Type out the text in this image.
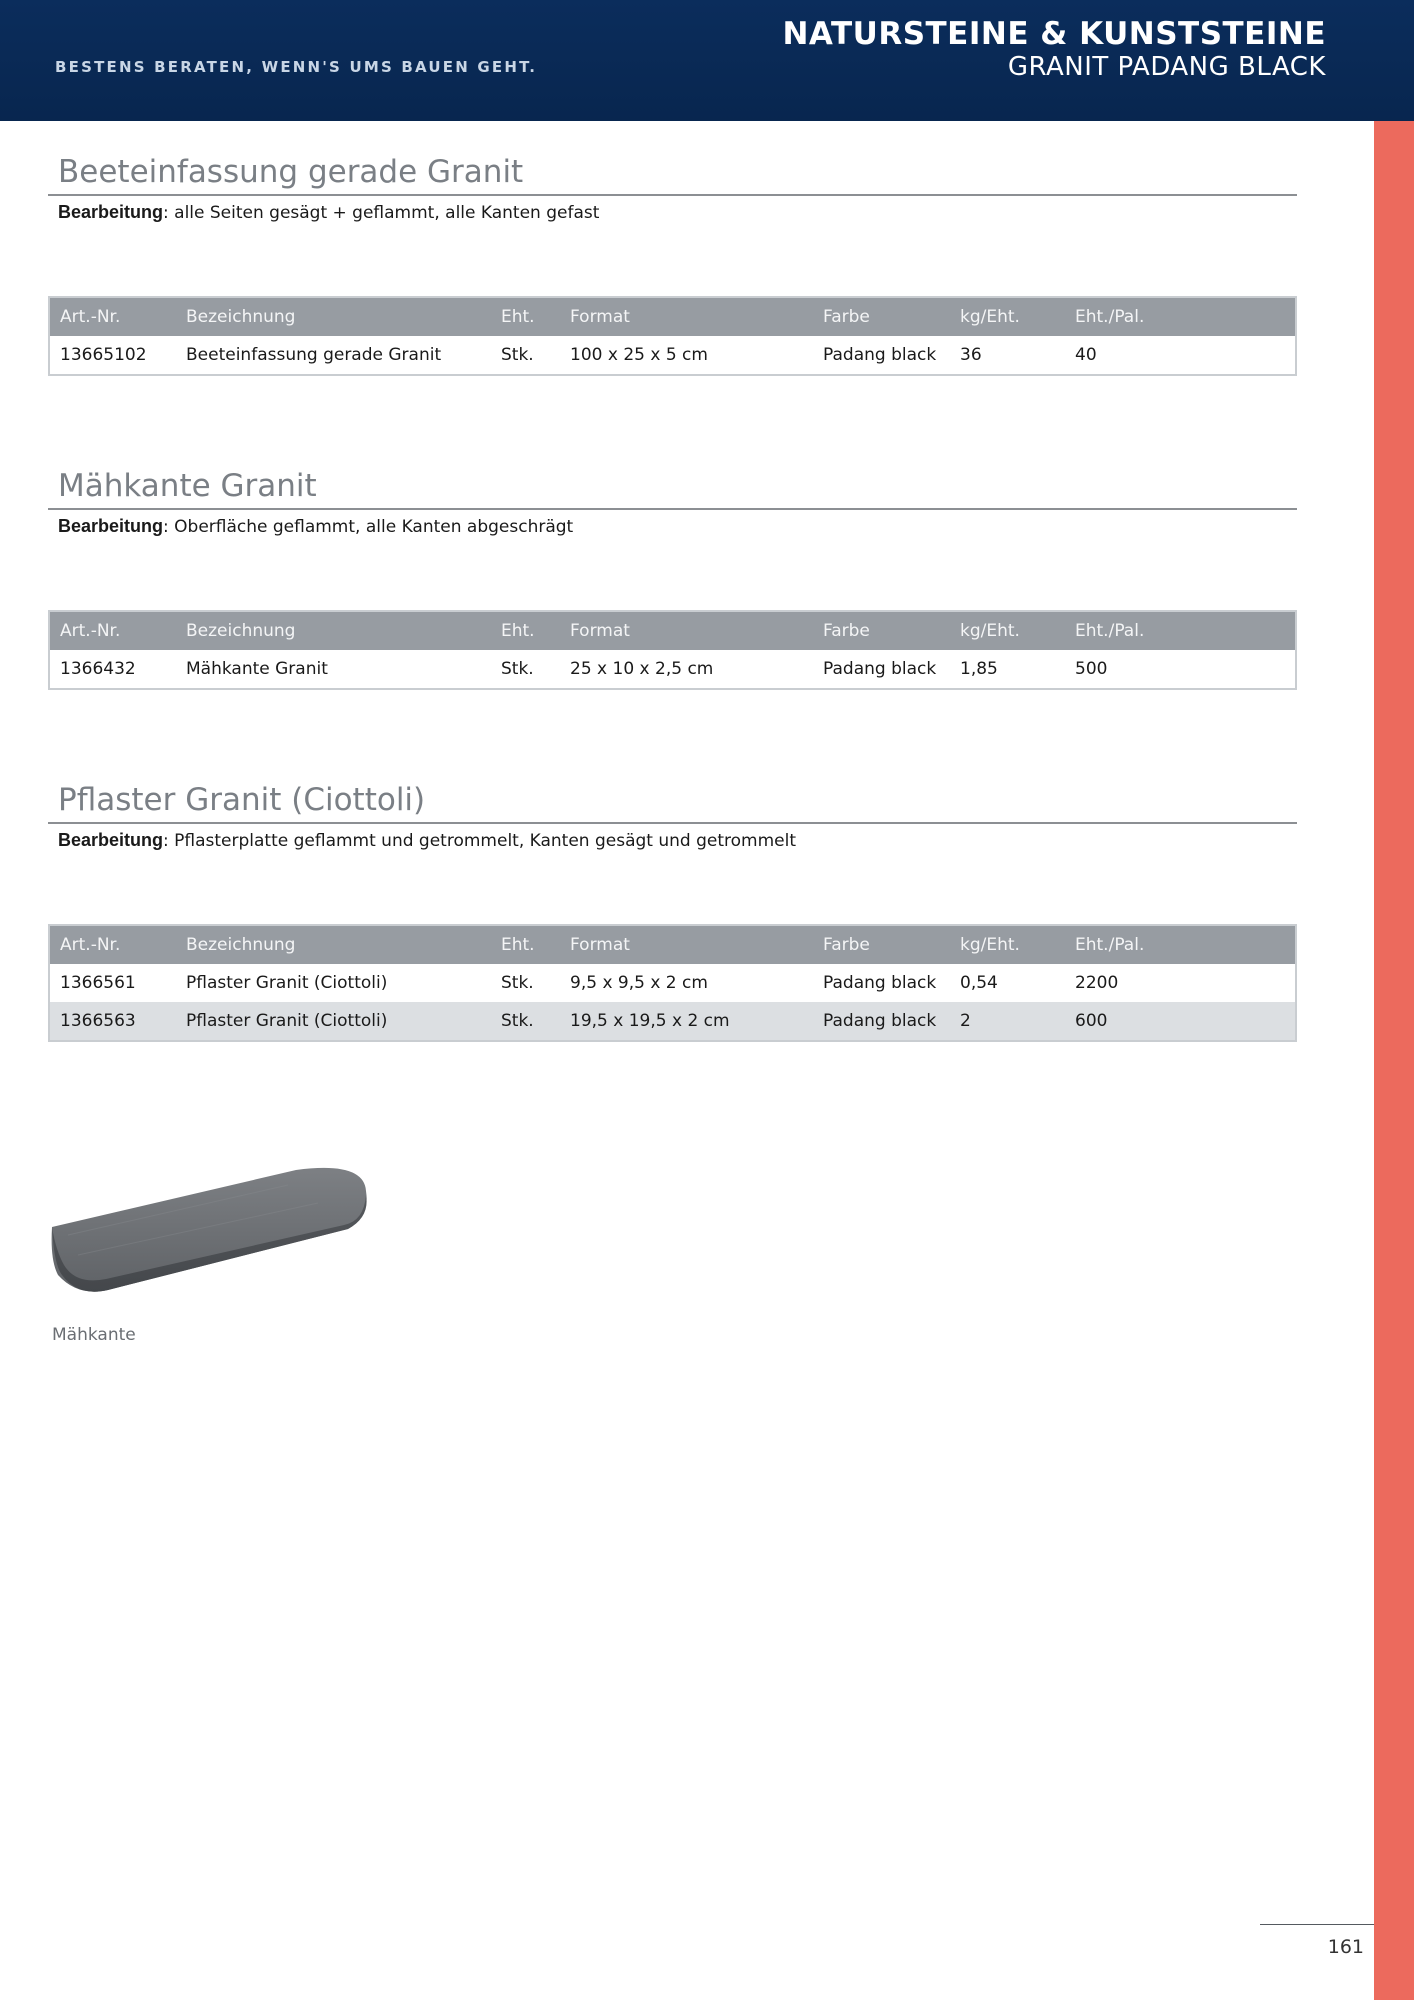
BESTENS BERATEN, WENN'S UMS BAUEN GEHT.
NATURSTEINE & KUNSTSTEINE
GRANIT PADANG BLACK
Beeteinfassung gerade Granit
Bearbeitung: alle Seiten gesägt + geflammt, alle Kanten gefast
Art.-Nr.	Bezeichnung	Eht.	Format	Farbe	kg/Eht.	Eht./Pal.
13665102	Beeteinfassung gerade Granit	Stk.	100 x 25 x 5 cm	Padang black	36	40
Mähkante Granit
Bearbeitung: Oberfläche geflammt, alle Kanten abgeschrägt
Art.-Nr.	Bezeichnung	Eht.	Format	Farbe	kg/Eht.	Eht./Pal.
1366432	Mähkante Granit	Stk.	25 x 10 x 2,5 cm	Padang black	1,85	500
Pflaster Granit (Ciottoli)
Bearbeitung: Pflasterplatte geflammt und getrommelt, Kanten gesägt und getrommelt
Art.-Nr.	Bezeichnung	Eht.	Format	Farbe	kg/Eht.	Eht./Pal.
1366561	Pflaster Granit (Ciottoli)	Stk.	9,5 x 9,5 x 2 cm	Padang black	0,54	2200
1366563	Pflaster Granit (Ciottoli)	Stk.	19,5 x 19,5 x 2 cm	Padang black	2	600
Mähkante
161
